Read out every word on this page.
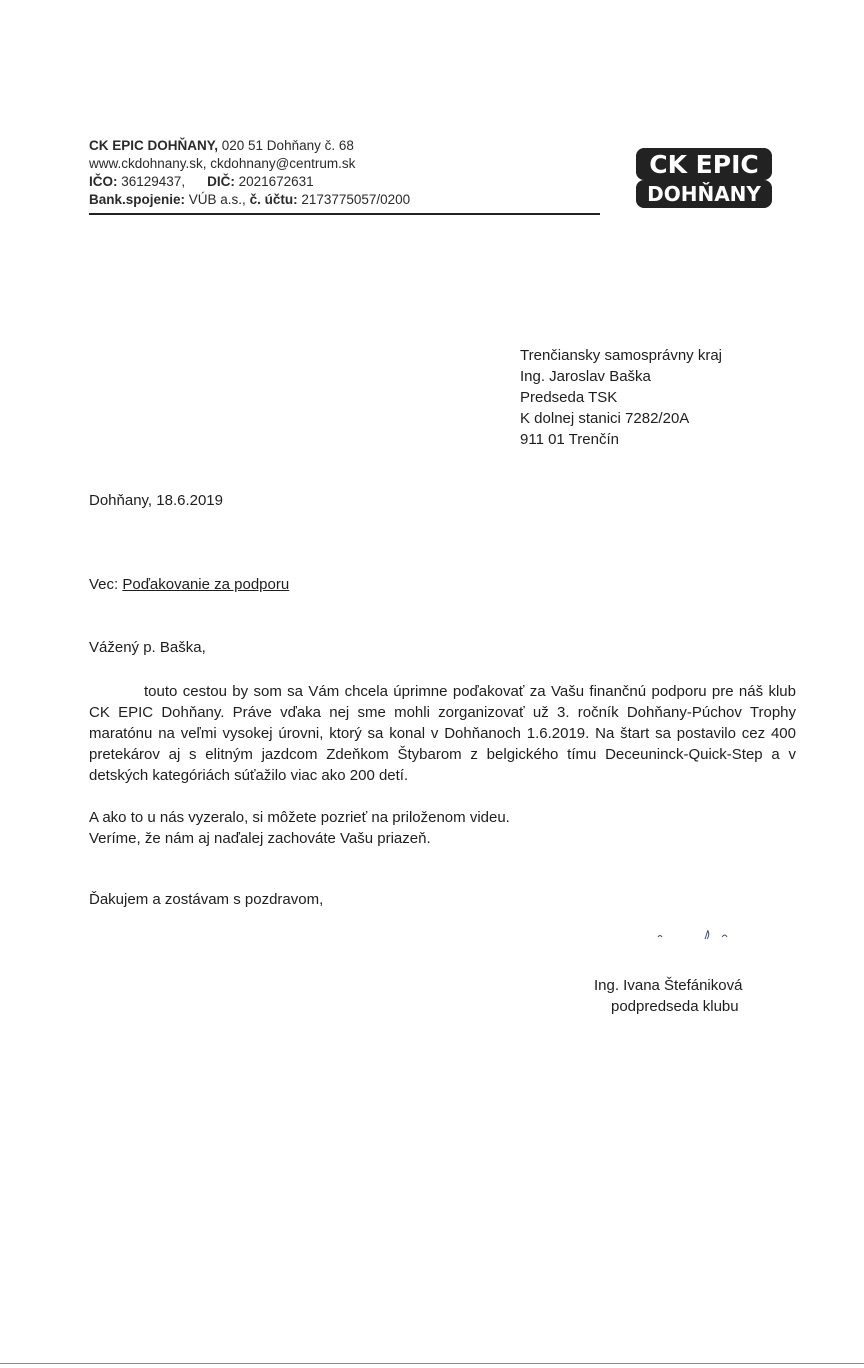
CK EPIC DOHŇANY, 020 51 Dohňany č. 68
www.ckdohnany.sk, ckdohnany@centrum.sk
IČO: 36129437, DIČ: 2021672631
Bank.spojenie: VÚB a.s., č. účtu: 2173775057/0200
CK EPIC
DOHŇANY
Trenčiansky samosprávny kraj
Ing. Jaroslav Baška
Predseda TSK
K dolnej stanici 7282/20A
911 01 Trenčín
Dohňany, 18.6.2019
Vec: Poďakovanie za podporu
Vážený p. Baška,
touto cestou by som sa Vám chcela úprimne poďakovať za Vašu finančnú podporu pre náš klub CK EPIC Dohňany. Práve vďaka nej sme mohli zorganizovať už 3. ročník Dohňany-Púchov Trophy maratónu na veľmi vysokej úrovni, ktorý sa konal v Dohňanoch 1.6.2019. Na štart sa postavilo cez 400 pretekárov aj s elitným jazdcom Zdeňkom Štybarom z belgického tímu Deceuninck-Quick-Step a v detských kategóriách súťažilo viac ako 200 detí.
A ako to u nás vyzeralo, si môžete pozrieť na priloženom videu.
Veríme, že nám aj naďalej zachováte Vašu priazeň.
Ďakujem a zostávam s pozdravom,
Ing. Ivana Štefániková
podpredseda klubu
